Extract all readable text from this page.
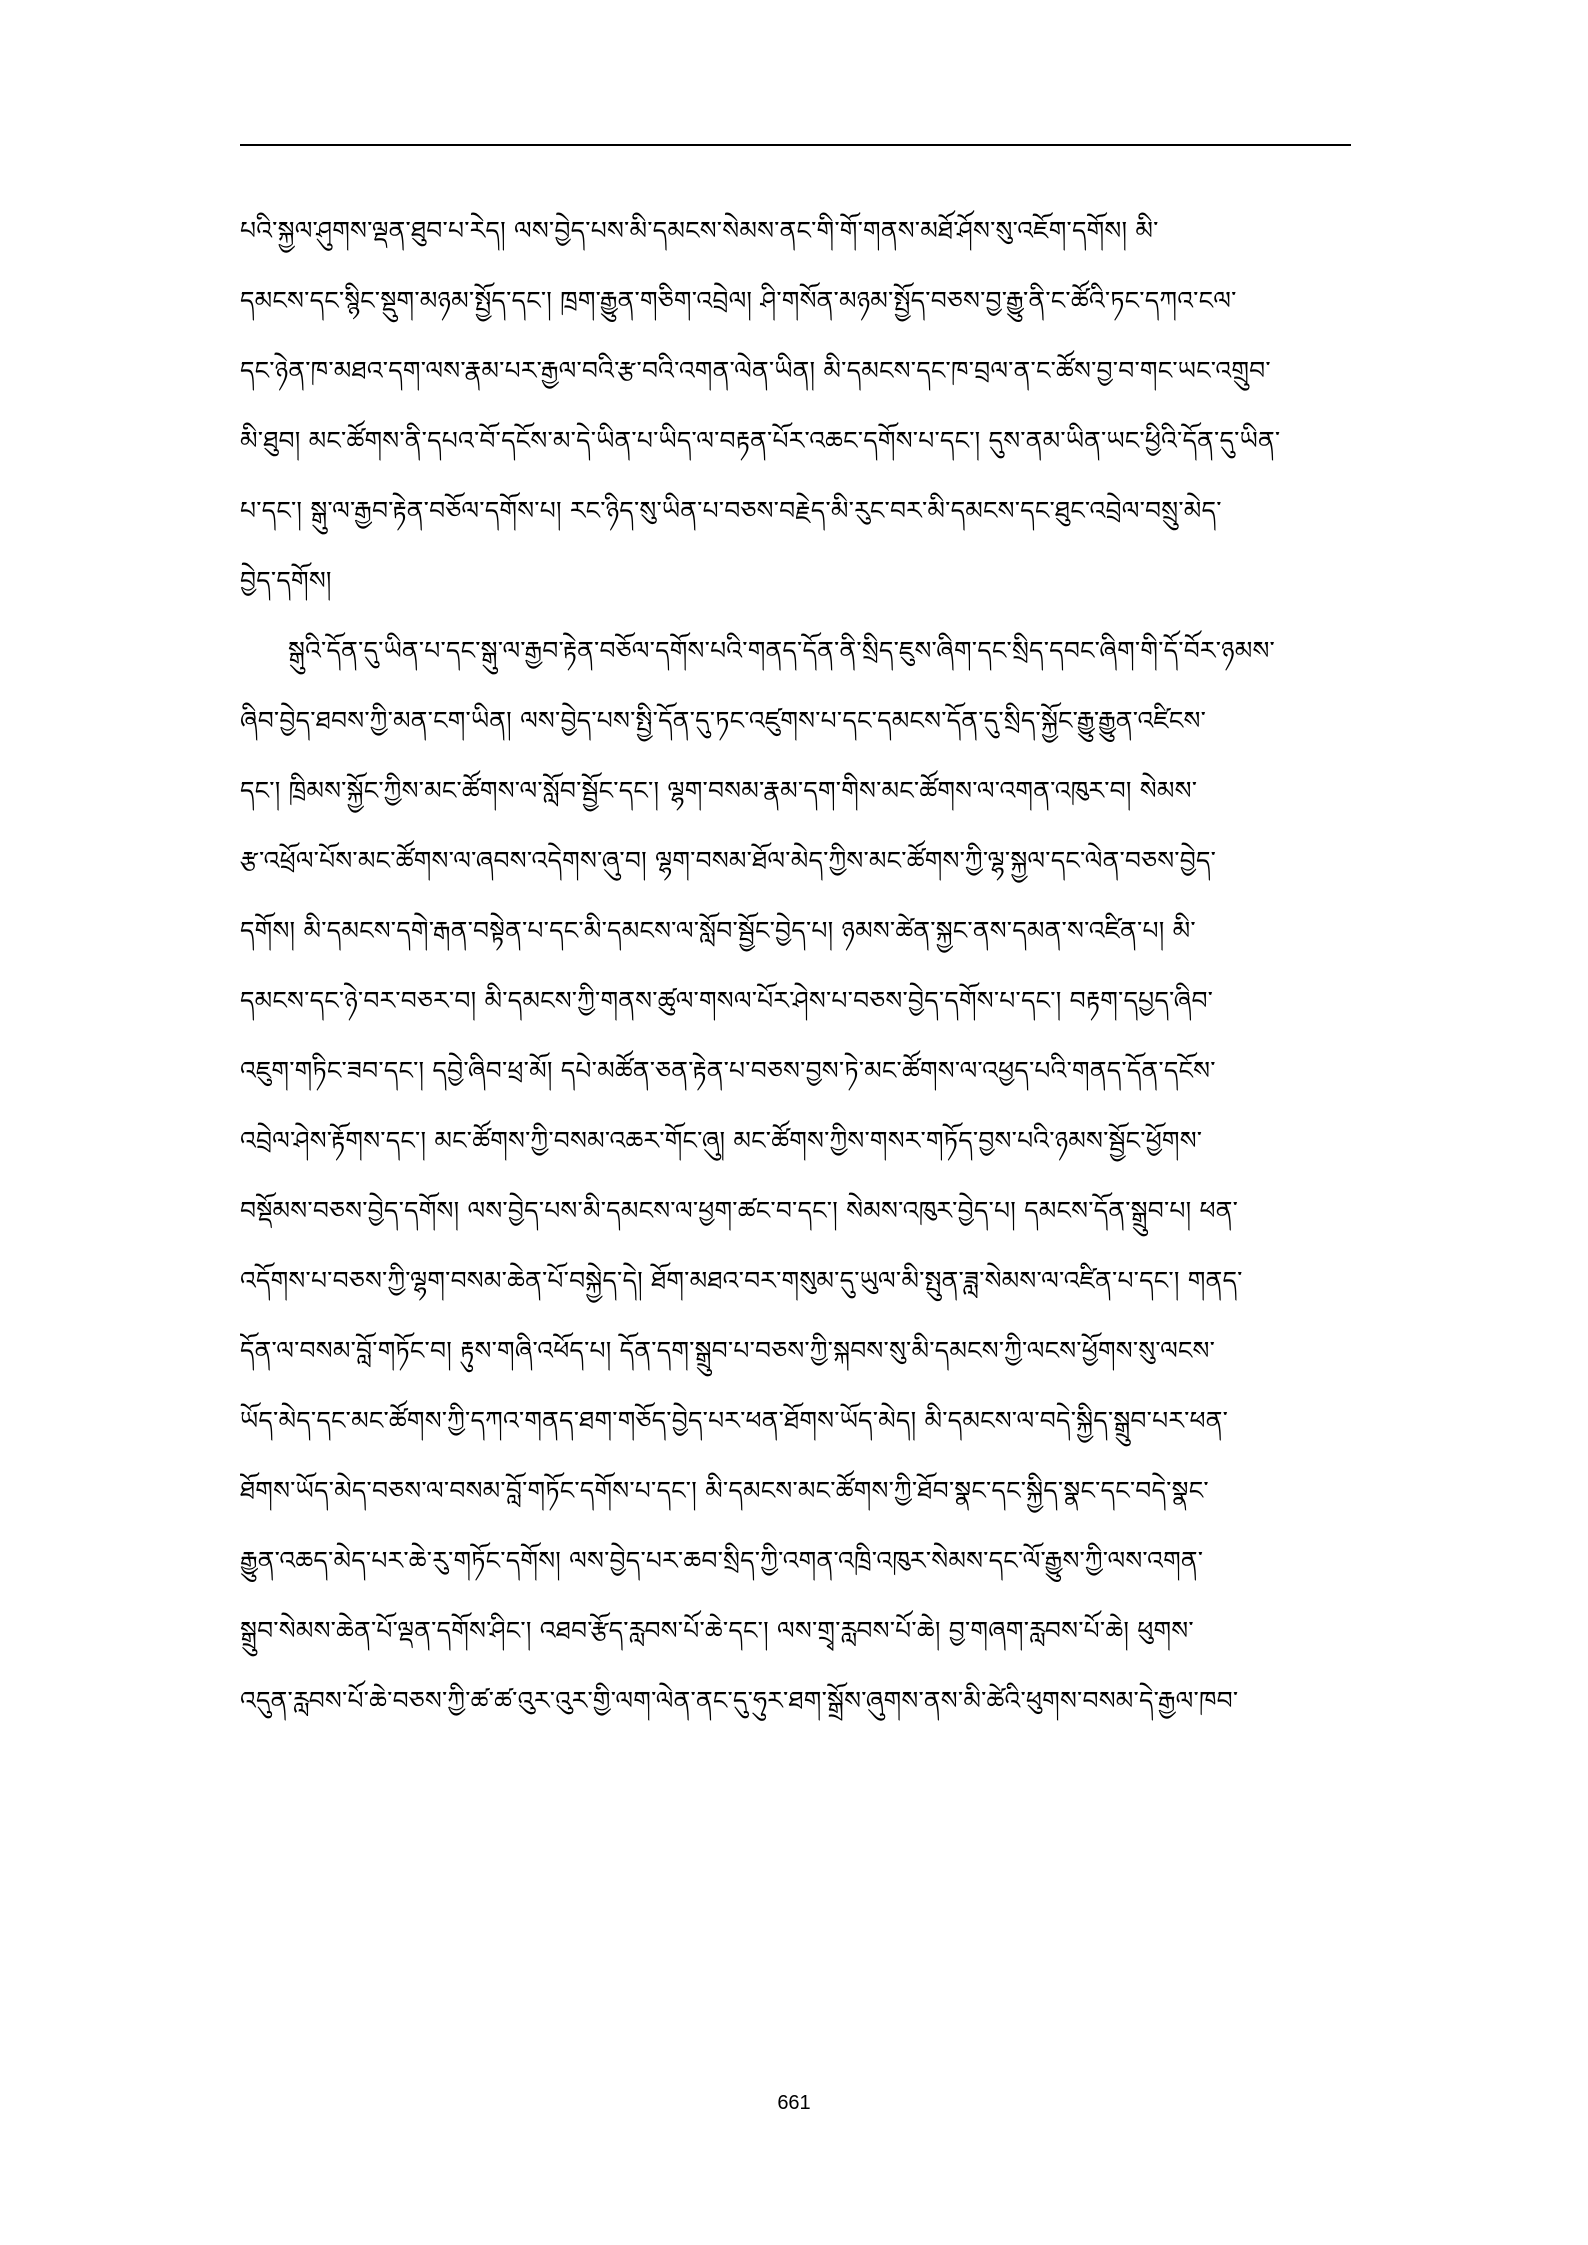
པའི་སྐྱལ་ཤུགས་ལྡན་ཐུབ་པ་རེད། ལས་བྱེད་པས་མི་དམངས་སེམས་ནང་གི་གོ་གནས་མཐོ་ཤོས་སུ་འཇོག་དགོས། མི་
དམངས་དང་སྙིང་སྡུག་མཉམ་སྤྱོད་དང་། ཁྲག་རྒྱུན་གཅིག་འབྲེལ། ཤི་གསོན་མཉམ་སྤྱོད་བཅས་བྱ་རྒྱུ་ནི་ང་ཚོའི་ཏང་དཀའ་ངལ་
དང་ཉེན་ཁ་མཐའ་དག་ལས་རྣམ་པར་རྒྱལ་བའི་རྩ་བའི་འགན་ལེན་ཡིན། མི་དམངས་དང་ཁ་བྲལ་ན་ང་ཚོས་བྱ་བ་གང་ཡང་འགྲུབ་
མི་ཐུབ། མང་ཚོགས་ནི་དཔའ་བོ་དངོས་མ་དེ་ཡིན་པ་ཡིད་ལ་བརྟན་པོར་འཆང་དགོས་པ་དང་། དུས་ནམ་ཡིན་ཡང་ཕྱིའི་དོན་དུ་ཡིན་
པ་དང་། སྒུ་ལ་རྒྱབ་རྟེན་བཅོལ་དགོས་པ། རང་ཉིད་སུ་ཡིན་པ་བཅས་བརྗེད་མི་རུང་བར་མི་དམངས་དང་ཐུང་འབྲེལ་བསྲུ་མེད་
བྱེད་དགོས།
སྒུའི་དོན་དུ་ཡིན་པ་དང་སྒུ་ལ་རྒྱབ་རྟེན་བཅོལ་དགོས་པའི་གནད་དོན་ནི་སྲིད་ཇུས་ཞིག་དང་སྲིད་དབང་ཞིག་གི་དོ་བོར་ཉམས་
ཞིབ་བྱེད་ཐབས་ཀྱི་མན་ངག་ཡིན། ལས་བྱེད་པས་སྤྱི་དོན་དུ་ཏང་འཛུགས་པ་དང་དམངས་དོན་དུ་སྲིད་སྐྱོང་རྒྱུ་རྒྱུན་འཛིངས་
དང་། ཁྲིམས་སྐྱོང་ཀྱིས་མང་ཚོགས་ལ་སློབ་སྦྱོང་དང་། ལྷག་བསམ་རྣམ་དག་གིས་མང་ཚོགས་ལ་འགན་འཁུར་བ། སེམས་
རྩ་འཕྲོལ་པོས་མང་ཚོགས་ལ་ཞབས་འདེགས་ཞུ་བ། ལྷག་བསམ་ཐོལ་མེད་ཀྱིས་མང་ཚོགས་ཀྱི་ལྷ་སྐྱལ་དང་ལེན་བཅས་བྱེད་
དགོས། མི་དམངས་དགེ་རྒན་བསྟེན་པ་དང་མི་དམངས་ལ་སློབ་སྦྱོང་བྱེད་པ། ཉམས་ཚེན་སྐྱང་ནས་དམན་ས་འཛིན་པ། མི་
དམངས་དང་ཉེ་བར་བཅར་བ། མི་དམངས་ཀྱི་གནས་ཚུལ་གསལ་པོར་ཤེས་པ་བཅས་བྱེད་དགོས་པ་དང་། བརྟག་དཔྱད་ཞིབ་
འཇུག་གཏིང་ཟབ་དང་། དབྱེ་ཞིབ་ཕྲ་མོ། དཔེ་མཚོན་ཅན་རྟེན་པ་བཅས་བྱས་ཏེ་མང་ཚོགས་ལ་འཕྱད་པའི་གནད་དོན་དངོས་
འབྲེལ་ཤེས་རྟོགས་དང་། མང་ཚོགས་ཀྱི་བསམ་འཆར་གོང་ཞུ། མང་ཚོགས་ཀྱིས་གསར་གཏོད་བྱས་པའི་ཉམས་སྦྱོང་ཕྱོགས་
བསྡོམས་བཅས་བྱེད་དགོས། ལས་བྱེད་པས་མི་དམངས་ལ་ཕྱག་ཚང་བ་དང་། སེམས་འཁུར་བྱེད་པ། དམངས་དོན་སྒྲུབ་པ། ཕན་
འདོགས་པ་བཅས་ཀྱི་ལྷག་བསམ་ཆེན་པོ་བསྐྱེད་དེ། ཐོག་མཐའ་བར་གསུམ་དུ་ཡུལ་མི་སྤུན་ཟླ་སེམས་ལ་འཛིན་པ་དང་། གནད་
དོན་ལ་བསམ་བློ་གཏོང་བ། རྟུས་གཞི་འཕོད་པ། དོན་དག་སྒྲུབ་པ་བཅས་ཀྱི་སྐབས་སུ་མི་དམངས་ཀྱི་ལངས་ཕྱོགས་སུ་ལངས་
ཡོད་མེད་དང་མང་ཚོགས་ཀྱི་དཀའ་གནད་ཐག་གཅོད་བྱེད་པར་ཕན་ཐོགས་ཡོད་མེད། མི་དམངས་ལ་བདེ་སྐྱིད་སྒྲུབ་པར་ཕན་
ཐོགས་ཡོད་མེད་བཅས་ལ་བསམ་བློ་གཏོང་དགོས་པ་དང་། མི་དམངས་མང་ཚོགས་ཀྱི་ཐོབ་སྣང་དང་སྐྱིད་སྣང་དང་བདེ་སྣང་
རྒྱུན་འཆད་མེད་པར་ཆེ་རུ་གཏོང་དགོས། ལས་བྱེད་པར་ཆབ་སྲིད་ཀྱི་འགན་འཁྲི་འཁུར་སེམས་དང་ལོ་རྒྱུས་ཀྱི་ལས་འགན་
སྒྲུབ་སེམས་ཆེན་པོ་ལྡན་དགོས་ཤིང་། འཐབ་རྩོད་རླབས་པོ་ཆེ་དང་། ལས་གྲྭ་རླབས་པོ་ཆེ། བྱ་གཞག་རླབས་པོ་ཆེ། ཕུགས་
འདུན་རླབས་པོ་ཆེ་བཅས་ཀྱི་ཚ་ཚ་འུར་འུར་གྱི་ལག་ལེན་ནང་དུ་ཧུར་ཐག་སྒྲོས་ཞུགས་ནས་མི་ཚེའི་ཕུགས་བསམ་དེ་རྒྱལ་ཁབ་
661
